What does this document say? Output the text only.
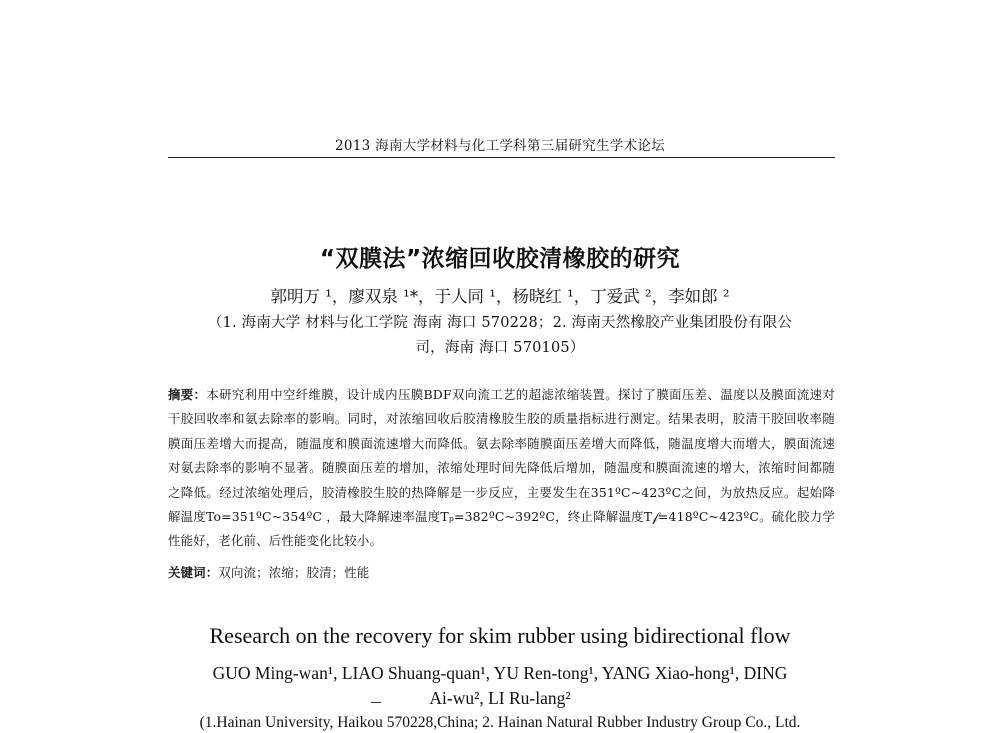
2013 海南大学材料与化工学科第三届研究生学术论坛
“双膜法”浓缩回收胶清橡胶的研究
郭明万 ¹，廖双泉 ¹*，于人同 ¹，杨晓红 ¹，丁爱武 ²，李如郎 ²
（1. 海南大学 材料与化工学院 海南 海口 570228；2. 海南天然橡胶产业集团股份有限公
司，海南 海口 570105）
摘要：本研究利用中空纤维膜，设计成内压膜BDF双向流工艺的超滤浓缩装置。探讨了膜面压差、温度以及膜面流速对干胶回收率和氨去除率的影响。同时，对浓缩回收后胶清橡胶生胶的质量指标进行测定。结果表明，胶清干胶回收率随膜面压差增大而提高，随温度和膜面流速增大而降低。氨去除率随膜面压差增大而降低，随温度增大而增大，膜面流速对氨去除率的影响不显著。随膜面压差的增加，浓缩处理时间先降低后增加，随温度和膜面流速的增大，浓缩时间都随之降低。经过浓缩处理后，胶清橡胶生胶的热降解是一步反应，主要发生在351ºC~423ºC之间，为放热反应。起始降解温度To=351ºC~354ºC ，最大降解速率温度Tₚ=382ºC~392ºC，终止降解温度T𝒻=418ºC~423ºC。硫化胶力学性能好，老化前、后性能变化比较小。
关键词：双向流；浓缩；胶清；性能
Research on the recovery for skim rubber using bidirectional flow
GUO Ming-wan¹, LIAO Shuang-quan¹, YU Ren-tong¹, YANG Xiao-hong¹, DING
Ai-wu², LI Ru-lang²
(1.Hainan University, Haikou 570228,China; 2. Hainan Natural Rubber Industry Group Co., Ltd.
